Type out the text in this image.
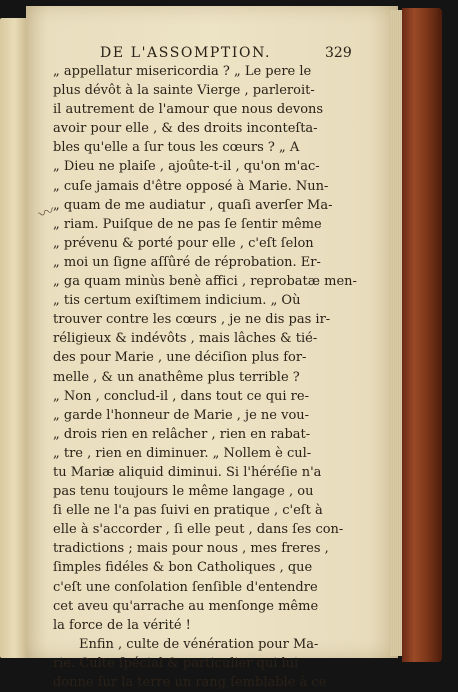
DE L'ASSOMPTION.	329
〰
„ appellatur misericordia ? „ Le pere le
plus dévôt à la sainte Vierge , parleroit-
il autrement de l'amour que nous devons
avoir pour elle , & des droits inconteſta-
bles qu'elle a ſur tous les cœurs ? „ A
„ Dieu ne plaiſe , ajoûte-t-il , qu'on m'ac-
„ cuſe jamais d'être opposé à Marie. Nun-
„ quam de me audiatur , quaſi averſer Ma-
„ riam. Puiſque de ne pas ſe ſentir même
„ prévenu & porté pour elle , c'eſt ſelon
„ moi un ſigne aſſûré de réprobation. Er-
„ ga quam minùs benè affici , reprobatæ men-
„ tis certum exiſtimem indicium. „ Où
trouver contre les cœurs , je ne dis pas ir-
réligieux & indévôts , mais lâches & tié-
des pour Marie , une déciſion plus for-
melle , & un anathême plus terrible ?
„ Non , conclud-il , dans tout ce qui re-
„ garde l'honneur de Marie , je ne vou-
„ drois rien en relâcher , rien en rabat-
„ tre , rien en diminuer. „ Nollem è cul-
tu Mariæ aliquid diminui. Si l'héréſie n'a
pas tenu toujours le même langage , ou
ſi elle ne l'a pas ſuivi en pratique , c'eſt à
elle à s'accorder , ſi elle peut , dans ſes con-
tradictions ; mais pour nous , mes freres ,
ſimples fidéles & bon Catholiques , que
c'eſt une conſolation ſenſible d'entendre
cet aveu qu'arrache au menſonge même
la force de la vérité !
Enfin , culte de vénération pour Ma-
rie. Culte ſpécial & particulier qui lui
donne ſur la terre un rang ſemblable à ce
